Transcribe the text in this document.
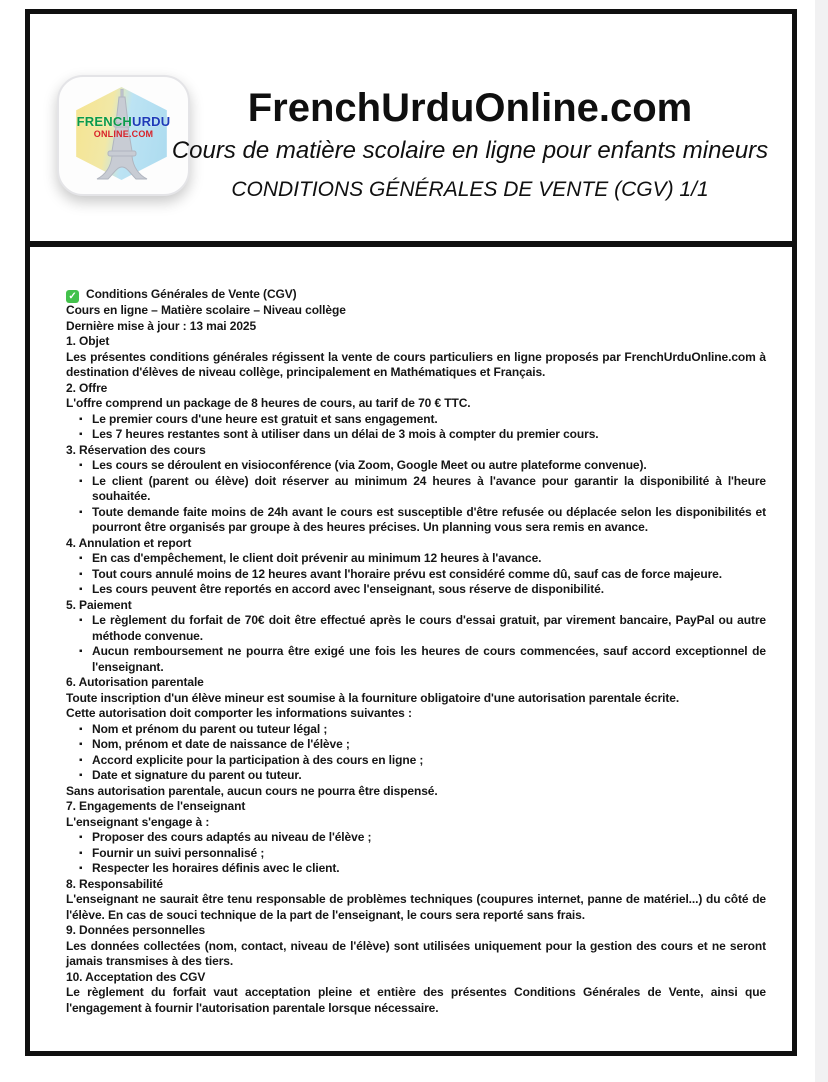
FRENCHURDU
ONLINE.COM
FrenchUrduOnline.com
Cours de matière scolaire en ligne pour enfants mineurs
CONDITIONS GÉNÉRALES DE VENTE (CGV) 1/1
✓ Conditions Générales de Vente (CGV)
Cours en ligne – Matière scolaire – Niveau collège
Dernière mise à jour : 13 mai 2025
1. Objet
Les présentes conditions générales régissent la vente de cours particuliers en ligne proposés par FrenchUrduOnline.com à destination d'élèves de niveau collège, principalement en Mathématiques et Français.
2. Offre
L'offre comprend un package de 8 heures de cours, au tarif de 70 € TTC.
▪ Le premier cours d'une heure est gratuit et sans engagement.
▪ Les 7 heures restantes sont à utiliser dans un délai de 3 mois à compter du premier cours.
3. Réservation des cours
▪ Les cours se déroulent en visioconférence (via Zoom, Google Meet ou autre plateforme convenue).
▪ Le client (parent ou élève) doit réserver au minimum 24 heures à l'avance pour garantir la disponibilité à l'heure souhaitée.
▪ Toute demande faite moins de 24h avant le cours est susceptible d'être refusée ou déplacée selon les disponibilités et pourront être organisés par groupe à des heures précises. Un planning vous sera remis en avance.
4. Annulation et report
▪ En cas d'empêchement, le client doit prévenir au minimum 12 heures à l'avance.
▪ Tout cours annulé moins de 12 heures avant l'horaire prévu est considéré comme dû, sauf cas de force majeure.
▪ Les cours peuvent être reportés en accord avec l'enseignant, sous réserve de disponibilité.
5. Paiement
▪ Le règlement du forfait de 70€ doit être effectué après le cours d'essai gratuit, par virement bancaire, PayPal ou autre méthode convenue.
▪ Aucun remboursement ne pourra être exigé une fois les heures de cours commencées, sauf accord exceptionnel de l'enseignant.
6. Autorisation parentale
Toute inscription d'un élève mineur est soumise à la fourniture obligatoire d'une autorisation parentale écrite.
Cette autorisation doit comporter les informations suivantes :
▪ Nom et prénom du parent ou tuteur légal ;
▪ Nom, prénom et date de naissance de l'élève ;
▪ Accord explicite pour la participation à des cours en ligne ;
▪ Date et signature du parent ou tuteur.
Sans autorisation parentale, aucun cours ne pourra être dispensé.
7. Engagements de l'enseignant
L'enseignant s'engage à :
▪ Proposer des cours adaptés au niveau de l'élève ;
▪ Fournir un suivi personnalisé ;
▪ Respecter les horaires définis avec le client.
8. Responsabilité
L'enseignant ne saurait être tenu responsable de problèmes techniques (coupures internet, panne de matériel...) du côté de l'élève. En cas de souci technique de la part de l'enseignant, le cours sera reporté sans frais.
9. Données personnelles
Les données collectées (nom, contact, niveau de l'élève) sont utilisées uniquement pour la gestion des cours et ne seront jamais transmises à des tiers.
10. Acceptation des CGV
Le règlement du forfait vaut acceptation pleine et entière des présentes Conditions Générales de Vente, ainsi que l'engagement à fournir l'autorisation parentale lorsque nécessaire.
